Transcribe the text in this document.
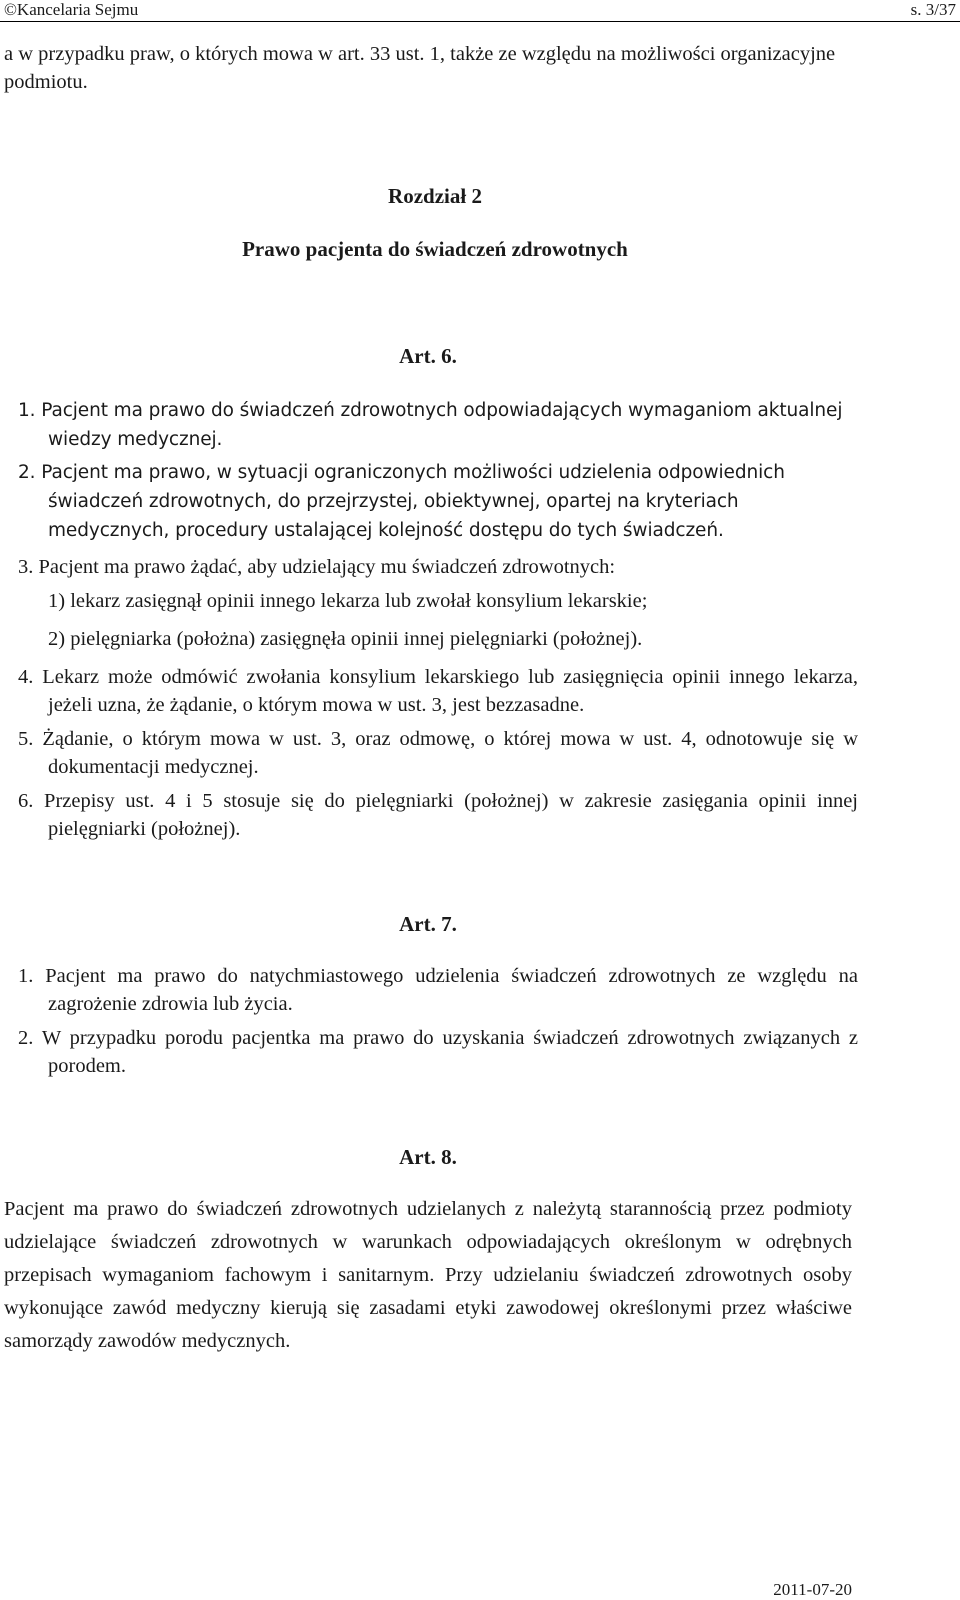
©Kancelaria Sejmu	s. 3/37

a w przypadku praw, o których mowa w art. 33 ust. 1, także ze względu na możliwości organizacyjne podmiotu.

Rozdział 2
Prawo pacjenta do świadczeń zdrowotnych
Art. 6.

1. Pacjent ma prawo do świadczeń zdrowotnych odpowiadających wymaganiom aktualnej wiedzy medycznej.

2. Pacjent ma prawo, w sytuacji ograniczonych możliwości udzielenia odpowiednich świadczeń zdrowotnych, do przejrzystej, obiektywnej, opartej na kryteriach medycznych, procedury ustalającej kolejność dostępu do tych świadczeń.

3. Pacjent ma prawo żądać, aby udzielający mu świadczeń zdrowotnych:

1) lekarz zasięgnął opinii innego lekarza lub zwołał konsylium lekarskie;

2) pielęgniarka (położna) zasięgnęła opinii innej pielęgniarki (położnej).

4. Lekarz może odmówić zwołania konsylium lekarskiego lub zasięgnięcia opinii innego lekarza, jeżeli uzna, że żądanie, o którym mowa w ust. 3, jest bezzasadne.

5. Żądanie, o którym mowa w ust. 3, oraz odmowę, o której mowa w ust. 4, odnotowuje się w dokumentacji medycznej.

6. Przepisy ust. 4 i 5 stosuje się do pielęgniarki (położnej) w zakresie zasięgania opinii innej pielęgniarki (położnej).

Art. 7.

1. Pacjent ma prawo do natychmiastowego udzielenia świadczeń zdrowotnych ze względu na zagrożenie zdrowia lub życia.

2. W przypadku porodu pacjentka ma prawo do uzyskania świadczeń zdrowotnych związanych z porodem.

Art. 8.

Pacjent ma prawo do świadczeń zdrowotnych udzielanych z należytą starannością przez podmioty udzielające świadczeń zdrowotnych w warunkach odpowiadających określonym w odrębnych przepisach wymaganiom fachowym i sanitarnym. Przy udzielaniu świadczeń zdrowotnych osoby wykonujące zawód medyczny kierują się zasadami etyki zawodowej określonymi przez właściwe samorządy zawodów medycznych.

2011-07-20
